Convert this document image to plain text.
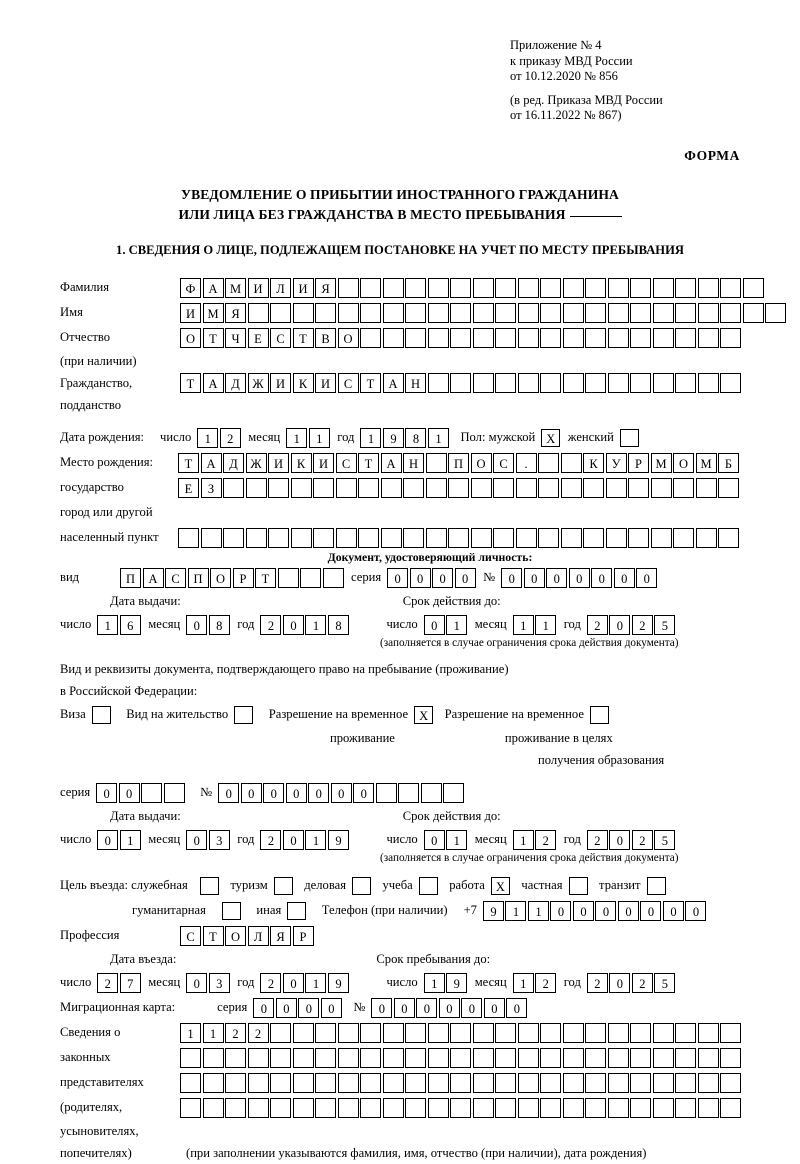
Приложение № 4
к приказу МВД России
от 10.12.2020 № 856
(в ред. Приказа МВД России
от 16.11.2022 № 867)
ФОРМА
УВЕДОМЛЕНИЕ О ПРИБЫТИИ ИНОСТРАННОГО ГРАЖДАНИНА
ИЛИ ЛИЦА БЕЗ ГРАЖДАНСТВА В МЕСТО ПРЕБЫВАНИЯ
1. СВЕДЕНИЯ О ЛИЦЕ, ПОДЛЕЖАЩЕМ ПОСТАНОВКЕ НА УЧЕТ ПО МЕСТУ ПРЕБЫВАНИЯ
Фамилия	Ф	А М И	Л	И	Я
Имя	И М	Я
Отчество	О	Т	Ч	Е	С	Т	В	О
(при наличии)
Гражданство,	Т	А	Д	Ж И	К	И	С	Т	А	Н
подданство
Дата рождения: число	1	2	месяц	1	1	год	1	9	8	1	Пол: мужской Х женский
Место рождения:	Т	А	Д	Ж И	К	И	С	Т	А	Н	П	О	С	.	К	У	Р	М О М	Б
государство	Е	З
город или другой
населенный пункт
Документ, удостоверяющий личность:
вид	П	А	С	П	О	Р	Т	серия	0	0	0	0	№	0	0	0	0	0	0	0
Дата выдачи:	Срок действия до:
число	1	6	месяц	0	8	год	2	0	1	8	число	0	1	месяц	1	1	год	2	0	2	5
(заполняется в случае ограничения срока действия документа)
Вид и реквизиты документа, подтверждающего право на пребывание (проживание)
в Российской Федерации:
Виза	Вид на жительство	Разрешение на временное Х	Разрешение на временное
проживание	проживание в целях
получения образования
серия	0	0	№	0	0	0	0	0	0	0
Дата выдачи:	Срок действия до:
число	0	1	месяц	0	3	год	2	0	1	9	число	0	1	месяц	1	2	год	2	0	2	5
(заполняется в случае ограничения срока действия документа)
Цель въезда: служебная	туризм	деловая	учеба	работа Х	частная	транзит
гуманитарная	иная	Телефон (при наличии) +7	9	1	1	0	0	0	0	0	0	0
Профессия	С	Т	О	Л	Я	Р
Дата въезда:	Срок пребывания до:
число	2	7	месяц	0	3	год	2	0	1	9	число	1	9	месяц	1	2	год	2	0	2	5
Миграционная карта:	серия	0	0	0	0	№	0	0	0	0	0	0	0
Сведения о	1	1	2	2
законных
представителях
(родителях,
усыновителях,
попечителях)	(при заполнении указываются фамилия, имя, отчество (при наличии), дата рождения)
